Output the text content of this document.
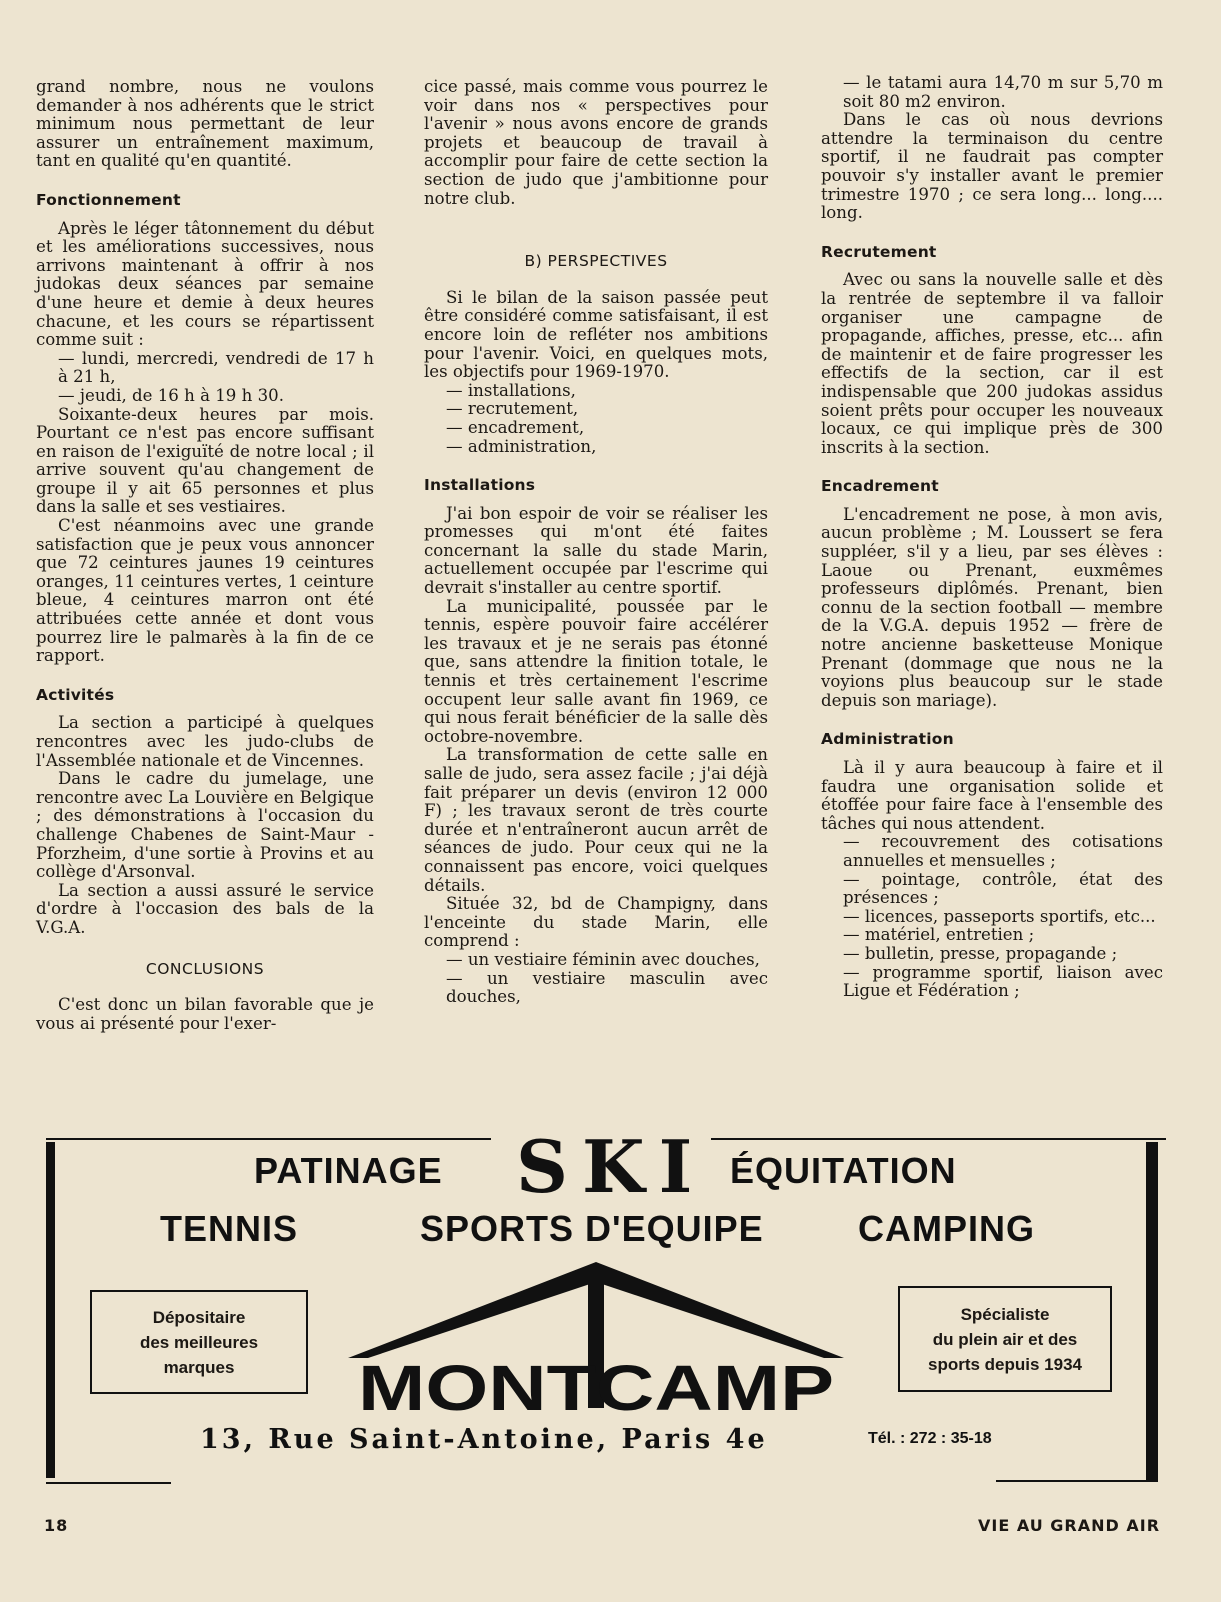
grand nombre, nous ne voulons demander à nos adhérents que le strict minimum nous permettant de leur assurer un entraînement maximum, tant en qualité qu'en quantité.

Fonctionnement

Après le léger tâtonnement du début et les améliorations successives, nous arrivons maintenant à offrir à nos judokas deux séances par semaine d'une heure et demie à deux heures chacune, et les cours se répartissent comme suit :

— lundi, mercredi, vendredi de 17 h à 21 h,

— jeudi, de 16 h à 19 h 30.

Soixante-deux heures par mois. Pourtant ce n'est pas encore suffisant en raison de l'exiguïté de notre local ; il arrive souvent qu'au changement de groupe il y ait 65 personnes et plus dans la salle et ses vestiaires.

C'est néanmoins avec une grande satisfaction que je peux vous annoncer que 72 ceintures jaunes 19 ceintures oranges, 11 ceintures vertes, 1 ceinture bleue, 4 ceintures marron ont été attribuées cette année et dont vous pourrez lire le palmarès à la fin de ce rapport.

Activités

La section a participé à quelques rencontres avec les judo-clubs de l'Assemblée nationale et de Vincennes.

Dans le cadre du jumelage, une rencontre avec La Louvière en Belgique ; des démonstrations à l'occasion du challenge Chabenes de Saint-Maur - Pforzheim, d'une sortie à Provins et au collège d'Arsonval.

La section a aussi assuré le service d'ordre à l'occasion des bals de la V.G.A.

CONCLUSIONS

C'est donc un bilan favorable que je vous ai présenté pour l'exer-

cice passé, mais comme vous pourrez le voir dans nos « perspectives pour l'avenir » nous avons encore de grands projets et beaucoup de travail à accomplir pour faire de cette section la section de judo que j'ambitionne pour notre club.

B) PERSPECTIVES

Si le bilan de la saison passée peut être considéré comme satisfaisant, il est encore loin de refléter nos ambitions pour l'avenir. Voici, en quelques mots, les objectifs pour 1969-1970.

— installations,

— recrutement,

— encadrement,

— administration,

Installations

J'ai bon espoir de voir se réaliser les promesses qui m'ont été faites concernant la salle du stade Marin, actuellement occupée par l'escrime qui devrait s'installer au centre sportif.

La municipalité, poussée par le tennis, espère pouvoir faire accélérer les travaux et je ne serais pas étonné que, sans attendre la finition totale, le tennis et très certainement l'escrime occupent leur salle avant fin 1969, ce qui nous ferait bénéficier de la salle dès octobre-novembre.

La transformation de cette salle en salle de judo, sera assez facile ; j'ai déjà fait préparer un devis (environ 12 000 F) ; les travaux seront de très courte durée et n'entraîneront aucun arrêt de séances de judo. Pour ceux qui ne la connaissent pas encore, voici quelques détails.

Située 32, bd de Champigny, dans l'enceinte du stade Marin, elle comprend :

— un vestiaire féminin avec douches,

— un vestiaire masculin avec douches,

— le tatami aura 14,70 m sur 5,70 m soit 80 m2 environ.

Dans le cas où nous devrions attendre la terminaison du centre sportif, il ne faudrait pas compter pouvoir s'y installer avant le premier trimestre 1970 ; ce sera long... long.... long.

Recrutement

Avec ou sans la nouvelle salle et dès la rentrée de septembre il va falloir organiser une campagne de propagande, affiches, presse, etc... afin de maintenir et de faire progresser les effectifs de la section, car il est indispensable que 200 judokas assidus soient prêts pour occuper les nouveaux locaux, ce qui implique près de 300 inscrits à la section.

Encadrement

L'encadrement ne pose, à mon avis, aucun problème ; M. Loussert se fera suppléer, s'il y a lieu, par ses élèves : Laoue ou Prenant, euxmêmes professeurs diplômés. Prenant, bien connu de la section football — membre de la V.G.A. depuis 1952 — frère de notre ancienne basketteuse Monique Prenant (dommage que nous ne la voyions plus beaucoup sur le stade depuis son mariage).

Administration

Là il y aura beaucoup à faire et il faudra une organisation solide et étoffée pour faire face à l'ensemble des tâches qui nous attendent.

— recouvrement des cotisations annuelles et mensuelles ;

— pointage, contrôle, état des présences ;

— licences, passeports sportifs, etc...

— matériel, entretien ;

— bulletin, presse, propagande ;

— programme sportif, liaison avec Ligue et Fédération ;

PATINAGE SKI ÉQUITATION
TENNIS	SPORTS D'EQUIPE	CAMPING
Dépositaire
des meilleures
marques
Spécialiste
du plein air et des
sports depuis 1934
MONTCAMP
13, Rue Saint-Antoine, Paris 4e	Tél. : 272 : 35-18
18	VIE AU GRAND AIR
